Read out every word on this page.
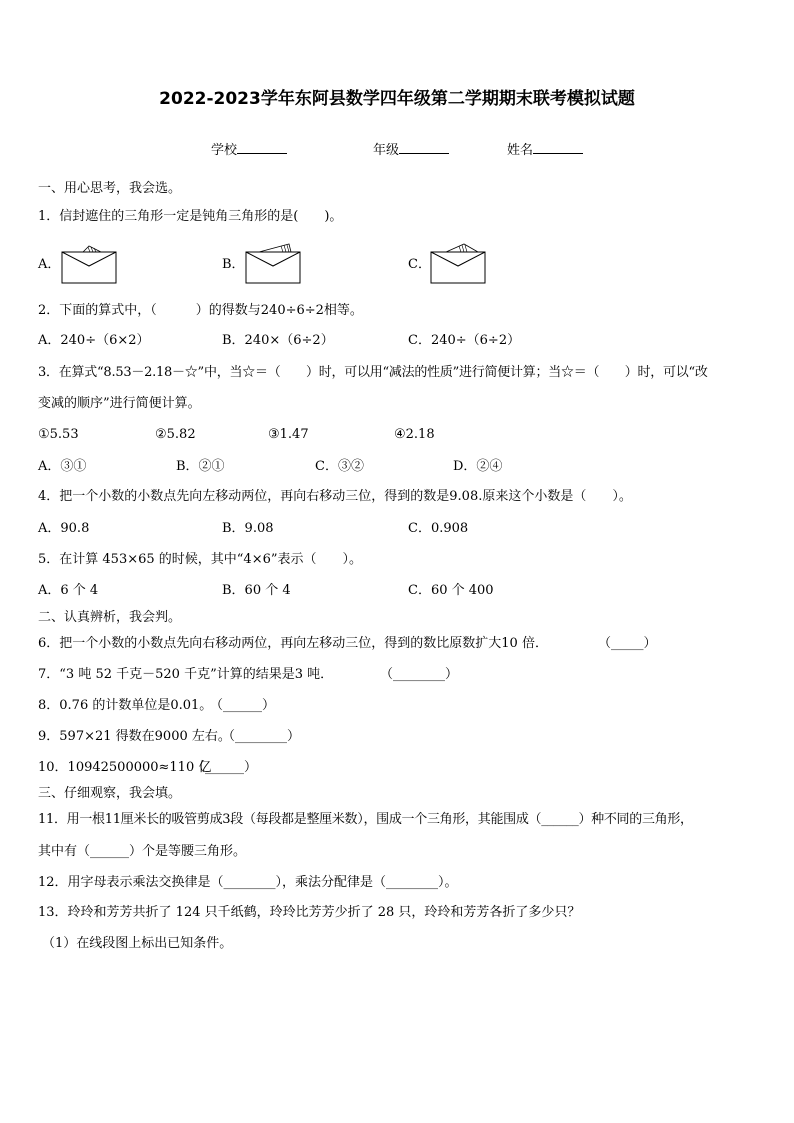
2022-2023学年东阿县数学四年级第二学期期末联考模拟试题
学校	年级	姓名
一、用心思考，我会选。
1．信封遮住的三角形一定是钝角三角形的是(　　)。
A．	B．	C．
2．下面的算式中，（　　　）的得数与240÷6÷2相等。
A．240÷（6×2）	B．240×（6÷2）	C．240÷（6÷2）
3．在算式“8.53－2.18－☆”中，当☆＝（　　）时，可以用“减法的性质”进行简便计算；当☆＝（　　）时，可以“改
变减的顺序”进行简便计算。
①5.53	②5.82	③1.47	④2.18
A．③①	B．②①	C．③②	D．②④
4．把一个小数的小数点先向左移动两位，再向右移动三位，得到的数是9.08.原来这个小数是（　　）。
A．90.8	B．9.08	C．0.908
5．在计算 453×65 的时候，其中“4×6”表示（　　）。
A．6 个 4	B．60 个 4	C．60 个 400
二、认真辨析，我会判。
6．把一个小数的小数点先向右移动两位，再向左移动三位，得到的数比原数扩大10 倍．	（_____）
7．“3 吨 52 千克－520 千克”计算的结果是3 吨．	（________）
8．0.76 的计数单位是0.01。
（______）
9．597×21 得数在9000 左右。
（________）
10．10942500000≈110 亿
（______）
三、仔细观察，我会填。
11．用一根11厘米长的吸管剪成3段（每段都是整厘米数），围成一个三角形，其能围成（______）种不同的三角形，
其中有（______）个是等腰三角形。
12．用字母表示乘法交换律是（________），乘法分配律是（________）。
13．玲玲和芳芳共折了 124 只千纸鹤，玲玲比芳芳少折了 28 只，玲玲和芳芳各折了多少只？
（1）在线段图上标出已知条件。
